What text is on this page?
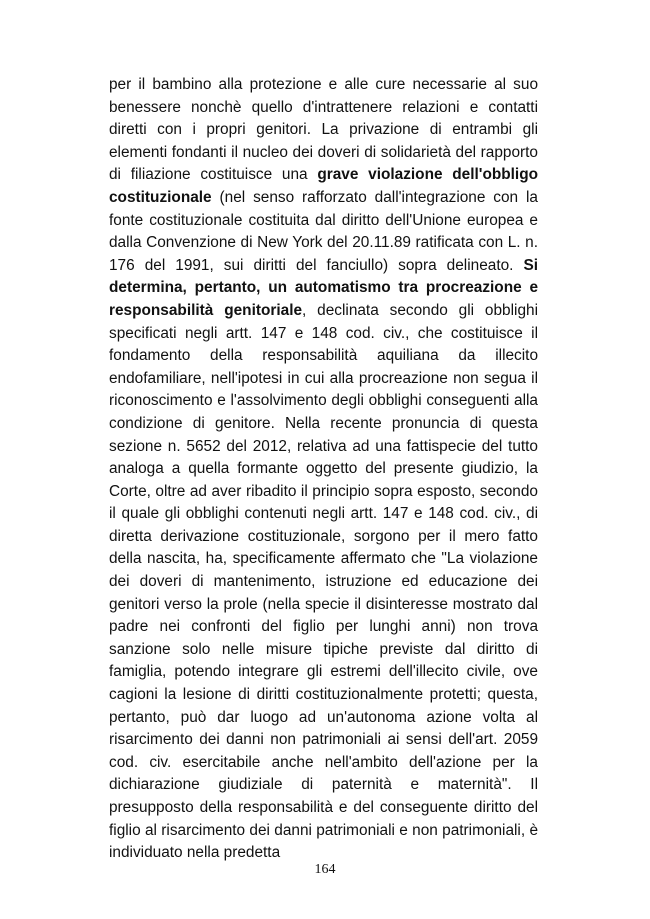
per il bambino alla protezione e alle cure necessarie al suo benessere nonchè quello d'intrattenere relazioni e contatti diretti con i propri genitori. La privazione di entrambi gli elementi fondanti il nucleo dei doveri di solidarietà del rapporto di filiazione costituisce una grave violazione dell'obbligo costituzionale (nel senso rafforzato dall'integrazione con la fonte costituzionale costituita dal diritto dell'Unione europea e dalla Convenzione di New York del 20.11.89 ratificata con L. n. 176 del 1991, sui diritti del fanciullo) sopra delineato. Si determina, pertanto, un automatismo tra procreazione e responsabilità genitoriale, declinata secondo gli obblighi specificati negli artt. 147 e 148 cod. civ., che costituisce il fondamento della responsabilità aquiliana da illecito endofamiliare, nell'ipotesi in cui alla procreazione non segua il riconoscimento e l'assolvimento degli obblighi conseguenti alla condizione di genitore. Nella recente pronuncia di questa sezione n. 5652 del 2012, relativa ad una fattispecie del tutto analoga a quella formante oggetto del presente giudizio, la Corte, oltre ad aver ribadito il principio sopra esposto, secondo il quale gli obblighi contenuti negli artt. 147 e 148 cod. civ., di diretta derivazione costituzionale, sorgono per il mero fatto della nascita, ha, specificamente affermato che "La violazione dei doveri di mantenimento, istruzione ed educazione dei genitori verso la prole (nella specie il disinteresse mostrato dal padre nei confronti del figlio per lunghi anni) non trova sanzione solo nelle misure tipiche previste dal diritto di famiglia, potendo integrare gli estremi dell'illecito civile, ove cagioni la lesione di diritti costituzionalmente protetti; questa, pertanto, può dar luogo ad un'autonoma azione volta al risarcimento dei danni non patrimoniali ai sensi dell'art. 2059 cod. civ. esercitabile anche nell'ambito dell'azione per la dichiarazione giudiziale di paternità e maternità". Il presupposto della responsabilità e del conseguente diritto del figlio al risarcimento dei danni patrimoniali e non patrimoniali, è individuato nella predetta

164
